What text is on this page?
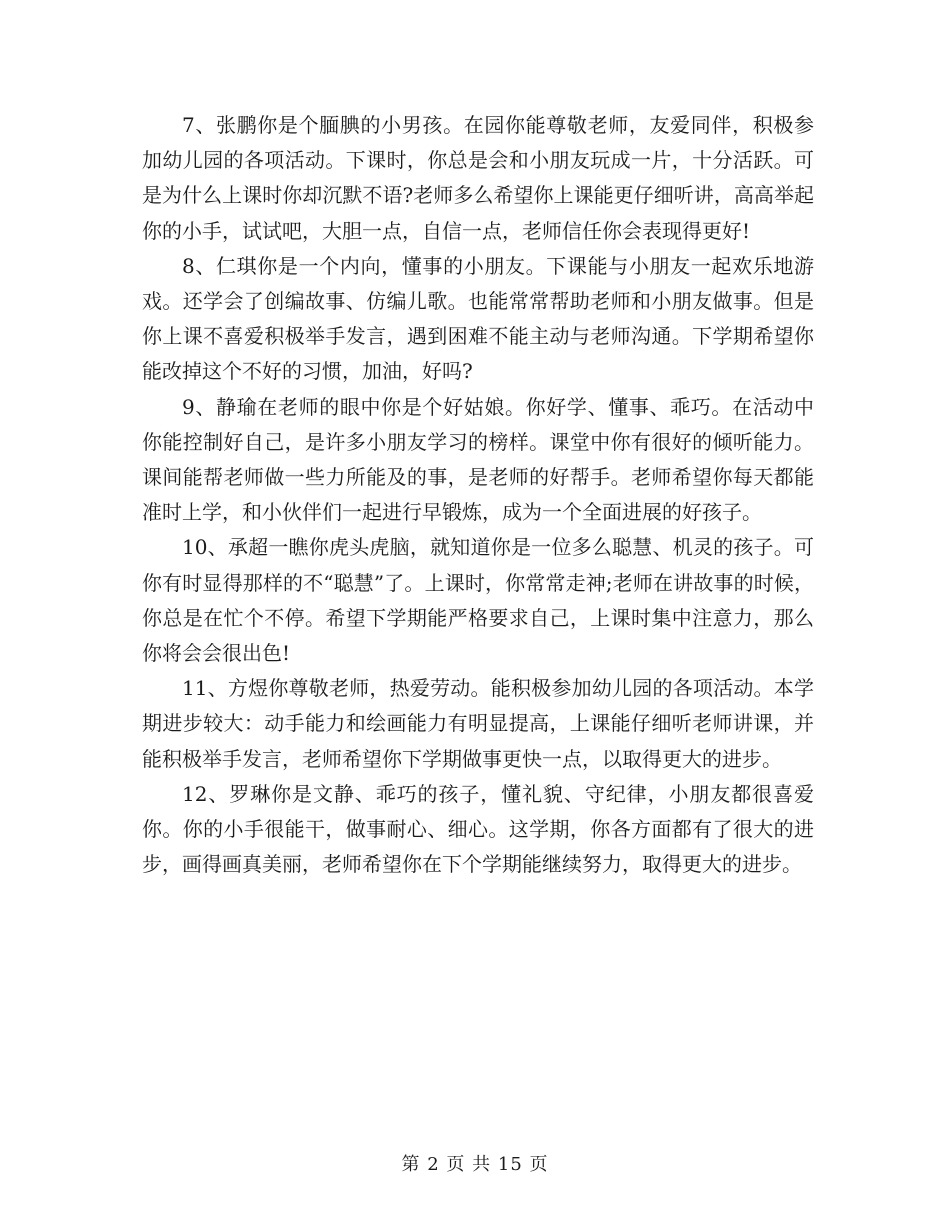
7、张鹏你是个腼腆的小男孩。在园你能尊敬老师，友爱同伴，积极参加幼儿园的各项活动。下课时，你总是会和小朋友玩成一片，十分活跃。可是为什么上课时你却沉默不语?老师多么希望你上课能更仔细听讲，高高举起你的小手，试试吧，大胆一点，自信一点，老师信任你会表现得更好!

8、仁琪你是一个内向，懂事的小朋友。下课能与小朋友一起欢乐地游戏。还学会了创编故事、仿编儿歌。也能常常帮助老师和小朋友做事。但是你上课不喜爱积极举手发言，遇到困难不能主动与老师沟通。下学期希望你能改掉这个不好的习惯，加油，好吗?

9、静瑜在老师的眼中你是个好姑娘。你好学、懂事、乖巧。在活动中你能控制好自己，是许多小朋友学习的榜样。课堂中你有很好的倾听能力。课间能帮老师做一些力所能及的事，是老师的好帮手。老师希望你每天都能准时上学，和小伙伴们一起进行早锻炼，成为一个全面进展的好孩子。

10、承超一瞧你虎头虎脑，就知道你是一位多么聪慧、机灵的孩子。可你有时显得那样的不“聪慧”了。上课时，你常常走神;老师在讲故事的时候，你总是在忙个不停。希望下学期能严格要求自己，上课时集中注意力，那么你将会会很出色!

11、方煜你尊敬老师，热爱劳动。能积极参加幼儿园的各项活动。本学期进步较大：动手能力和绘画能力有明显提高，上课能仔细听老师讲课，并能积极举手发言，老师希望你下学期做事更快一点，以取得更大的进步。

12、罗琳你是文静、乖巧的孩子，懂礼貌、守纪律，小朋友都很喜爱你。你的小手很能干，做事耐心、细心。这学期，你各方面都有了很大的进步，画得画真美丽，老师希望你在下个学期能继续努力，取得更大的进步。

第 2 页 共 15 页
